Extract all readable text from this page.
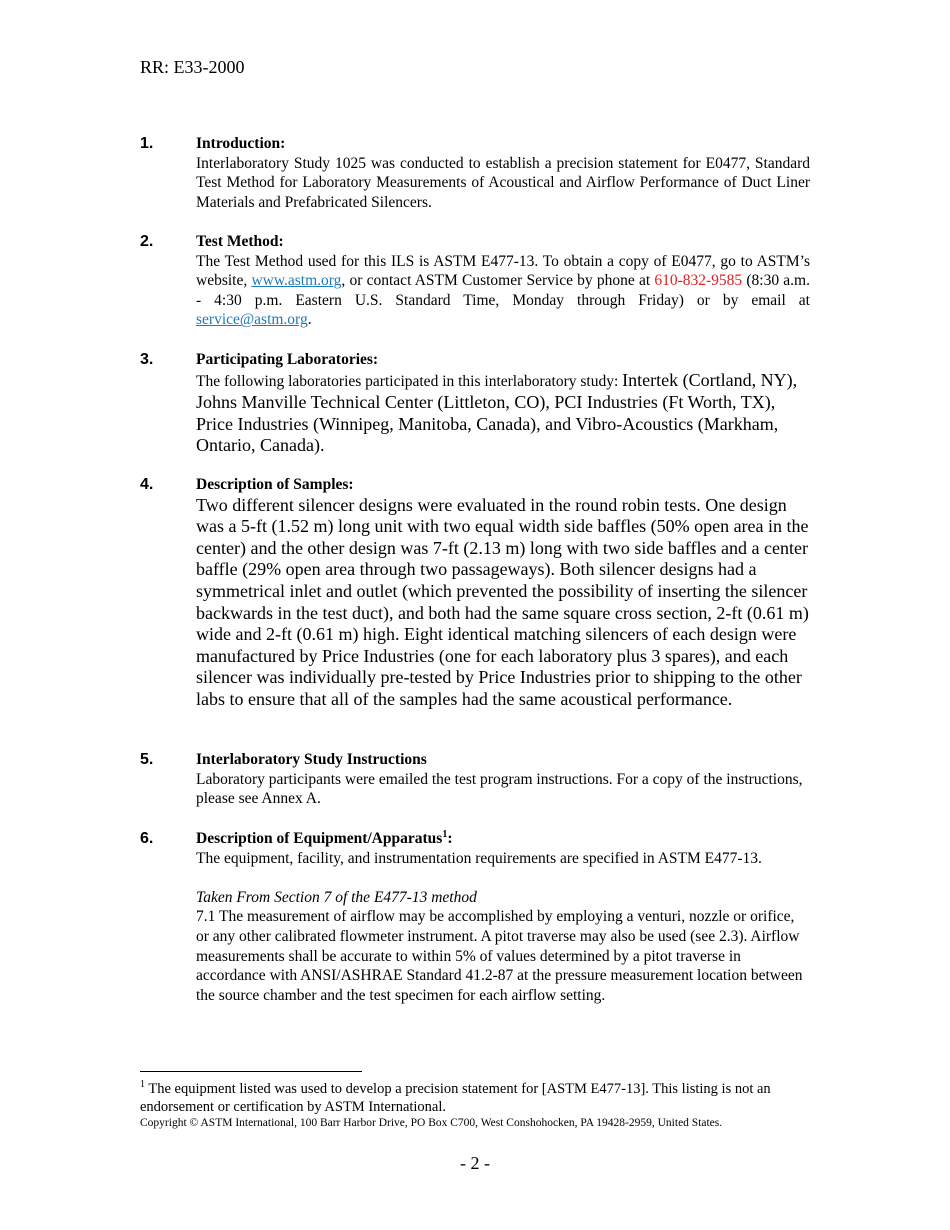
RR: E33-2000
1.	Introduction:
Interlaboratory Study 1025 was conducted to establish a precision statement for E0477, Standard Test Method for Laboratory Measurements of Acoustical and Airflow Performance of Duct Liner Materials and Prefabricated Silencers.
2.	Test Method:
The Test Method used for this ILS is ASTM E477-13. To obtain a copy of E0477, go to ASTM’s website, www.astm.org, or contact ASTM Customer Service by phone at 610-832-9585 (8:30 a.m. - 4:30 p.m. Eastern U.S. Standard Time, Monday through Friday) or by email at service@astm.org.
3.	Participating Laboratories:
The following laboratories participated in this interlaboratory study: Intertek (Cortland, NY), Johns Manville Technical Center (Littleton, CO), PCI Industries (Ft Worth, TX), Price Industries (Winnipeg, Manitoba, Canada), and Vibro-Acoustics (Markham, Ontario, Canada).
4.	Description of Samples:
Two different silencer designs were evaluated in the round robin tests. One design was a 5-ft (1.52 m) long unit with two equal width side baffles (50% open area in the center) and the other design was 7-ft (2.13 m) long with two side baffles and a center baffle (29% open area through two passageways). Both silencer designs had a symmetrical inlet and outlet (which prevented the possibility of inserting the silencer backwards in the test duct), and both had the same square cross section, 2-ft (0.61 m) wide and 2-ft (0.61 m) high. Eight identical matching silencers of each design were manufactured by Price Industries (one for each laboratory plus 3 spares), and each silencer was individually pre-tested by Price Industries prior to shipping to the other labs to ensure that all of the samples had the same acoustical performance.
5.	Interlaboratory Study Instructions
Laboratory participants were emailed the test program instructions. For a copy of the instructions, please see Annex A.
6.	Description of Equipment/Apparatus$^1$:
The equipment, facility, and instrumentation requirements are specified in ASTM E477-13.
Taken From Section 7 of the E477-13 method
7.1 The measurement of airflow may be accomplished by employing a venturi, nozzle or orifice, or any other calibrated flowmeter instrument. A pitot traverse may also be used (see 2.3). Airflow measurements shall be accurate to within 5% of values determined by a pitot traverse in accordance with ANSI/ASHRAE Standard 41.2-87 at the pressure measurement location between the source chamber and the test specimen for each airflow setting.
$^1$ The equipment listed was used to develop a precision statement for [ASTM E477-13]. This listing is not an endorsement or certification by ASTM International.
Copyright © ASTM International, 100 Barr Harbor Drive, PO Box C700, West Conshohocken, PA 19428-2959, United States.
- 2 -
